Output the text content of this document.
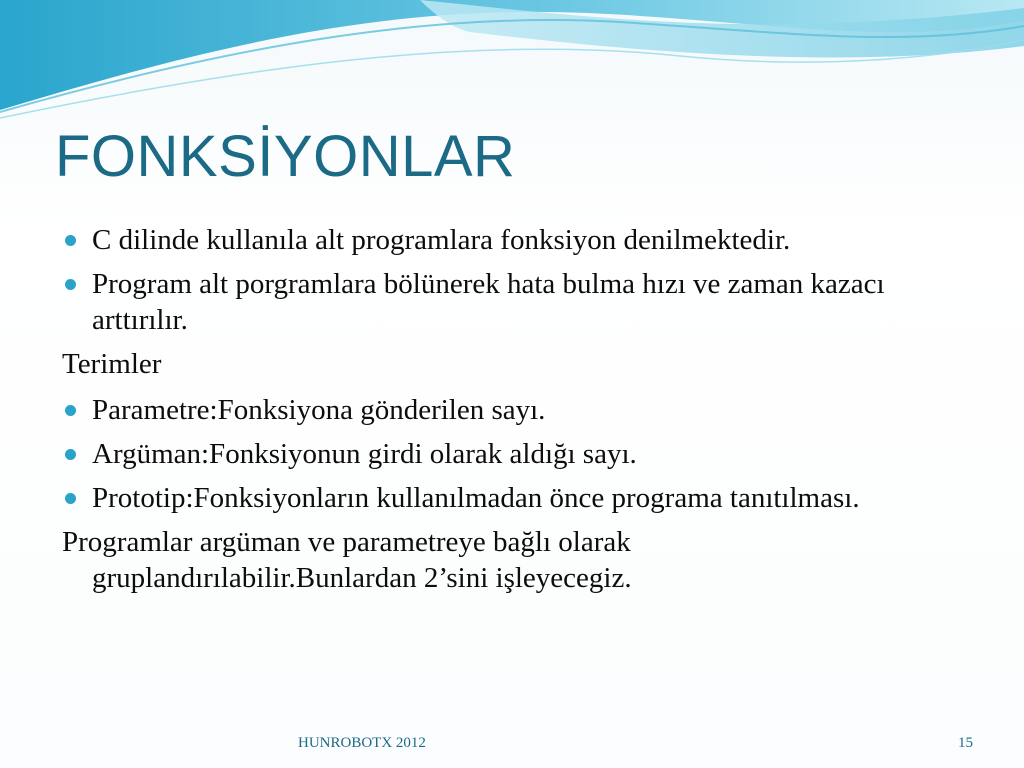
FONKSİYONLAR
C dilinde kullanıla alt programlara fonksiyon denilmektedir.
Program alt porgramlara bölünerek hata bulma hızı ve zaman kazacı arttırılır.
Terimler
Parametre:Fonksiyona gönderilen sayı.
Argüman:Fonksiyonun girdi olarak aldığı sayı.
Prototip:Fonksiyonların kullanılmadan önce programa tanıtılması.
Programlar argüman ve parametreye bağlı olarak gruplandırılabilir.Bunlardan 2’sini işleyecegiz.
HUNROBOTX 2012	15
